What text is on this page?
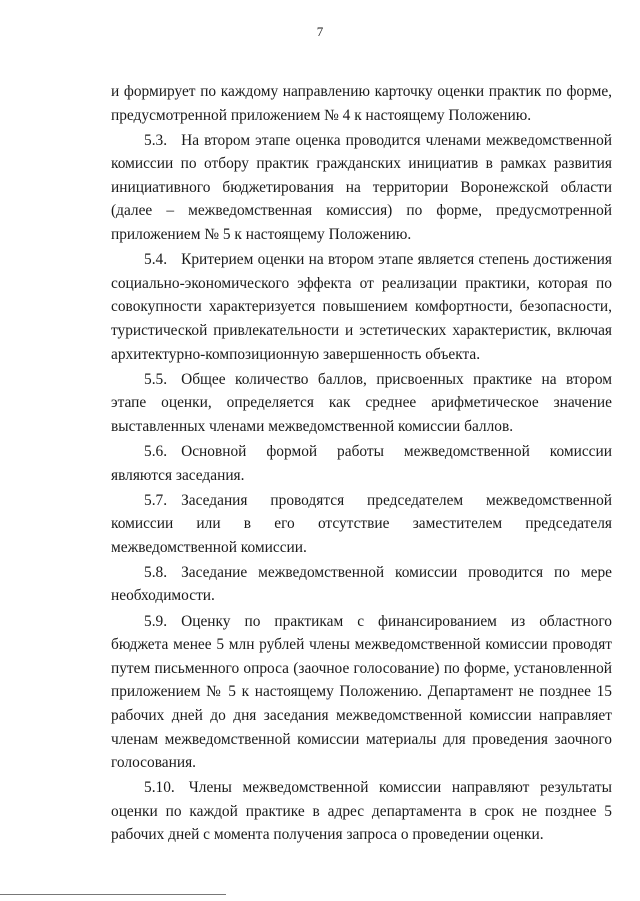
7

и формирует по каждому направлению карточку оценки практик по форме, предусмотренной приложением № 4 к настоящему Положению.

5.3. На втором этапе оценка проводится членами межведомственной комиссии по отбору практик гражданских инициатив в рамках развития инициативного бюджетирования на территории Воронежской области (далее – межведомственная комиссия) по форме, предусмотренной приложением № 5 к настоящему Положению.

5.4. Критерием оценки на втором этапе является степень достижения социально-экономического эффекта от реализации практики, которая по совокупности характеризуется повышением комфортности, безопасности, туристической привлекательности и эстетических характеристик, включая архитектурно-композиционную завершенность объекта.

5.5. Общее количество баллов, присвоенных практике на втором этапе оценки, определяется как среднее арифметическое значение выставленных членами межведомственной комиссии баллов.

5.6. Основной формой работы межведомственной комиссии являются заседания.

5.7. Заседания проводятся председателем межведомственной комиссии или в его отсутствие заместителем председателя межведомственной комиссии.

5.8. Заседание межведомственной комиссии проводится по мере необходимости.

5.9. Оценку по практикам с финансированием из областного бюджета менее 5 млн рублей члены межведомственной комиссии проводят путем письменного опроса (заочное голосование) по форме, установленной приложением № 5 к настоящему Положению. Департамент не позднее 15 рабочих дней до дня заседания межведомственной комиссии направляет членам межведомственной комиссии материалы для проведения заочного голосования.

5.10. Члены межведомственной комиссии направляют результаты оценки по каждой практике в адрес департамента в срок не позднее 5 рабочих дней с момента получения запроса о проведении оценки.
